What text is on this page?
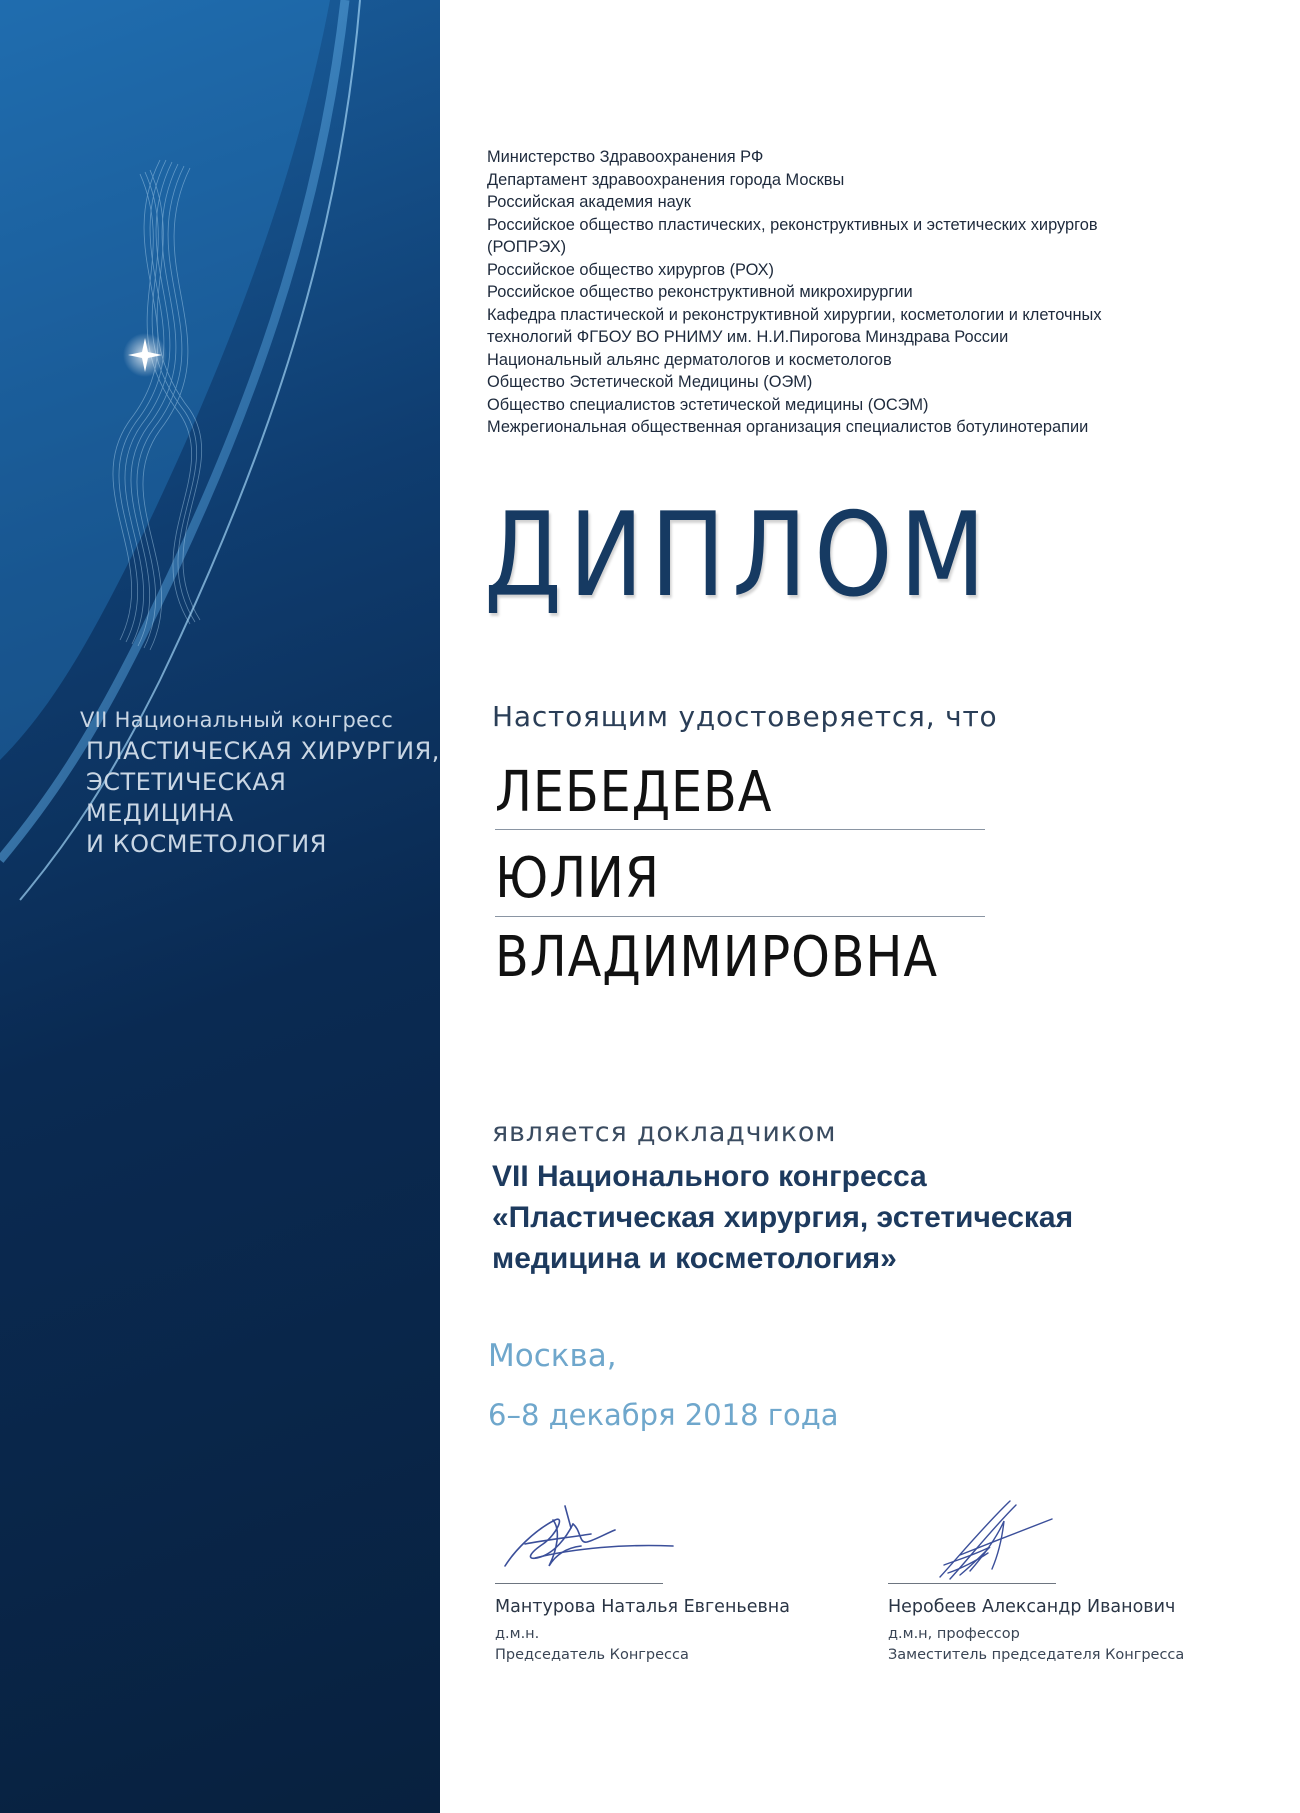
VII Национальный конгресс
ПЛАСТИЧЕСКАЯ ХИРУРГИЯ,
ЭСТЕТИЧЕСКАЯ МЕДИЦИНА
И КОСМЕТОЛОГИЯ
Министерство Здравоохранения РФ
Департамент здравоохранения города Москвы
Российская академия наук
Российское общество пластических, реконструктивных и эстетических хирургов
(РОПРЭХ)
Российское общество хирургов (РОХ)
Российское общество реконструктивной микрохирургии
Кафедра пластической и реконструктивной хирургии, косметологии и клеточных
технологий ФГБОУ ВО РНИМУ им. Н.И.Пирогова Минздрава России
Национальный альянс дерматологов и косметологов
Общество Эстетической Медицины (ОЭМ)
Общество специалистов эстетической медицины (ОСЭМ)
Межрегиональная общественная организация специалистов ботулинотерапии
ДИПЛОМ
Настоящим удостоверяется, что
ЛЕБЕДЕВА
ЮЛИЯ
ВЛАДИМИРОВНА
является докладчиком
VII Национального конгресса
«Пластическая хирургия, эстетическая
медицина и косметология»
Москва,
6–8 декабря 2018 года
Мантурова Наталья Евгеньевна
д.м.н.
Председатель Конгресса
Неробеев Александр Иванович
д.м.н, профессор
Заместитель председателя Конгресса
